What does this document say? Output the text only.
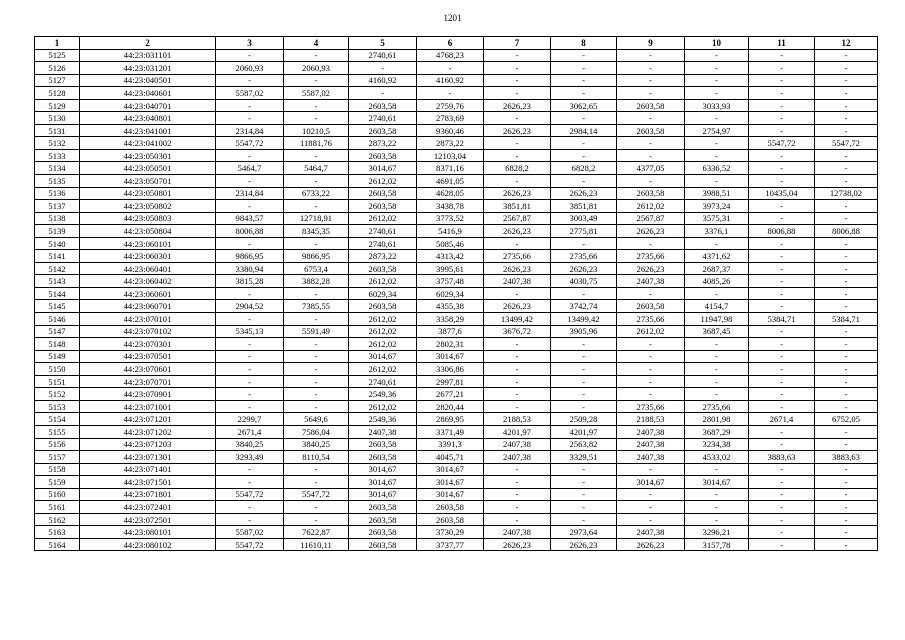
1201
1	2	3	4	5	6	7	8	9	10	11	12
5125	44:23:031101	-	-	2740,61	4768,23	-	-	-	-	-	-
5126	44:23:031201	2060,93	2060,93	-	-	-	-	-	-	-	-
5127	44:23:040501	-	-	4160,92	4160,92	-	-	-	-	-	-
5128	44:23:040601	5587,02	5587,02	-	-	-	-	-	-	-	-
5129	44:23:040701	-	-	2603,58	2759,76	2626,23	3062,65	2603,58	3033,93	-	-
5130	44:23:040801	-	-	2740,61	2783,69	-	-	-	-	-	-
5131	44:23:041001	2314,84	10210,5	2603,58	9360,46	2626,23	2984,14	2603,58	2754,97	-	-
5132	44:23:041002	5547,72	11881,76	2873,22	2873,22	-	-	-	-	5547,72	5547,72
5133	44:23:050301	-	-	2603,58	12103,04	-	-	-	-	-	-
5134	44:23:050501	5464,7	5464,7	3014,67	8371,16	6828,2	6828,2	4377,05	6336,52	-	-
5135	44:23:050701	-	-	2612,02	4691,05	-	-	-	-	-	-
5136	44:23:050801	2314,84	6733,22	2603,58	4628,05	2626,23	2626,23	2603,58	3988,51	10435,04	12738,02
5137	44:23:050802	-	-	2603,58	3438,78	3851,81	3851,81	2612,02	3973,24	-	-
5138	44:23:050803	9843,57	12718,91	2612,02	3773,52	2567,87	3003,49	2567,87	3575,31	-	-
5139	44:23:050804	8006,88	8345,35	2740,61	5416,9	2626,23	2775,81	2626,23	3376,1	8006,88	8006,88
5140	44:23:060101	-	-	2740,61	5085,46	-	-	-	-	-	-
5141	44:23:060301	9866,95	9866,95	2873,22	4313,42	2735,66	2735,66	2735,66	4371,62	-	-
5142	44:23:060401	3380,94	6753,4	2603,58	3995,61	2626,23	2626,23	2626,23	2687,37	-	-
5143	44:23:060402	3815,28	3882,28	2612,02	3757,48	2407,38	4030,75	2407,38	4085,26	-	-
5144	44:23:060601	-	-	6029,34	6029,34	-	-	-	-	-	-
5145	44:23:060701	2904,52	7385,55	2603,58	4355,38	2626,23	3742,74	2603,58	4154,7	-	-
5146	44:23:070101	-	-	2612,02	3358,29	13499,42	13499,42	2735,66	11947,98	5384,71	5384,71
5147	44:23:070102	5345,13	5591,49	2612,02	3877,6	3676,72	3905,96	2612,02	3687,45	-	-
5148	44:23:070301	-	-	2612,02	2802,31	-	-	-	-	-	-
5149	44:23:070501	-	-	3014,67	3014,67	-	-	-	-	-	-
5150	44:23:070601	-	-	2612,02	3306,86	-	-	-	-	-	-
5151	44:23:070701	-	-	2740,61	2997,81	-	-	-	-	-	-
5152	44:23:070901	-	-	2549,36	2677,21	-	-	-	-	-	-
5153	44:23:071001	-	-	2612,02	2820,44	-	-	2735,66	2735,66	-	-
5154	44:23:071201	2299,7	5649,6	2549,36	2869,95	2188,53	2509,28	2188,53	2801,98	2671,4	6752,05
5155	44:23:071202	2671,4	7586,04	2407,38	3371,49	4201,97	4201,97	2407,38	3687,29	-	-
5156	44:23:071203	3840,25	3840,25	2603,58	3391,3	2407,38	2563,82	2407,38	3234,38	-	-
5157	44:23:071301	3293,49	8110,54	2603,58	4045,71	2407,38	3329,51	2407,38	4533,02	3883,63	3883,63
5158	44:23:071401	-	-	3014,67	3014,67	-	-	-	-	-	-
5159	44:23:071501	-	-	3014,67	3014,67	-	-	3014,67	3014,67	-	-
5160	44:23:071801	5547,72	5547,72	3014,67	3014,67	-	-	-	-	-	-
5161	44:23:072401	-	-	2603,58	2603,58	-	-	-	-	-	-
5162	44:23:072501	-	-	2603,58	2603,58	-	-	-	-	-	-
5163	44:23:080101	5587,02	7622,87	2603,58	3730,29	2407,38	2973,64	2407,38	3296,21	-	-
5164	44:23:080102	5547,72	11610,11	2603,58	3737,77	2626,23	2626,23	2626,23	3157,78	-	-
